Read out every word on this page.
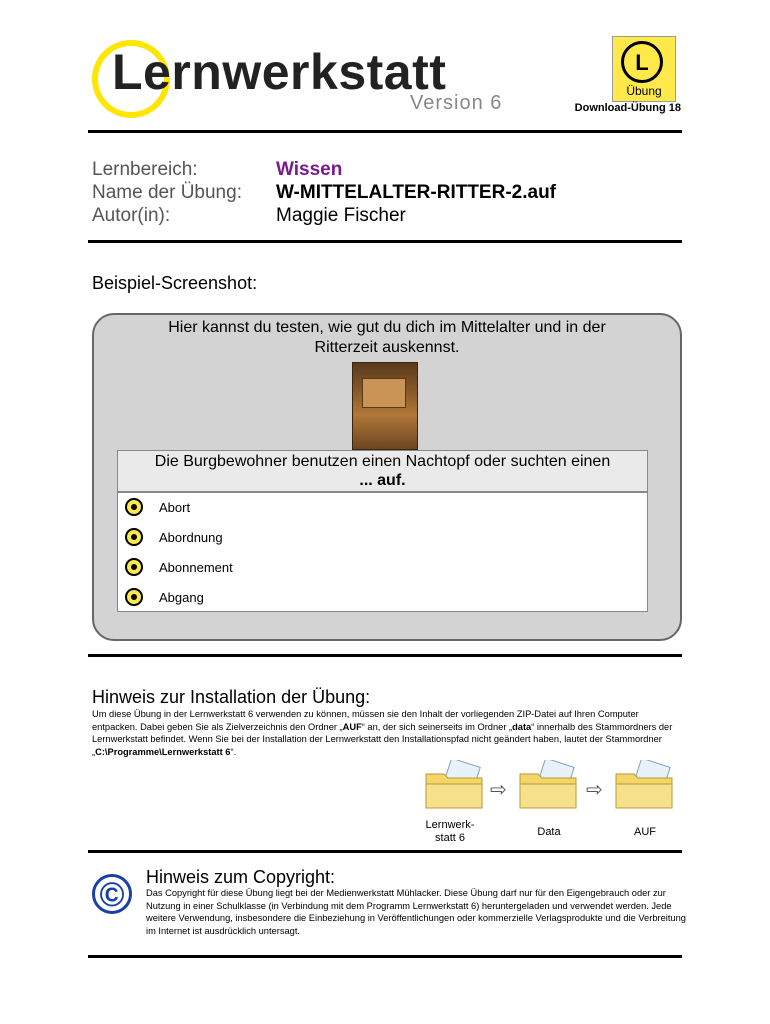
Lernwerkstatt
Version 6
L
Übung
Download-Übung 18
Lernbereich:	Wissen
Name der Übung: W-MITTELALTER-RITTER-2.auf
Autor(in):	Maggie Fischer
Beispiel-Screenshot:
Hier kannst du testen, wie gut du dich im Mittelalter und in der
Ritterzeit auskennst.
Die Burgbewohner benutzen einen Nachtopf oder suchten einen
... auf.
Abort
Abordnung
Abonnement
Abgang
Hinweis zur Installation der Übung:
Um diese Übung in der Lernwerkstatt 6 verwenden zu können, müssen sie den Inhalt der vorliegenden ZIP-Datei auf Ihren Computer entpacken. Dabei geben Sie als Zielverzeichnis den Ordner „AUF“ an, der sich seinerseits im Ordner „data“ innerhalb des Stammordners der Lernwerkstatt befindet. Wenn Sie bei der Installation der Lernwerkstatt den Installationspfad nicht geändert haben, lautet der Stammordner „C:\Programme\Lernwerkstatt 6“.
⇨	⇨
Lernwerk-
statt 6	Data	AUF
©	Hinweis zum Copyright:
Das Copyright für diese Übung liegt bei der Medienwerkstatt Mühlacker. Diese Übung darf nur für den Eigengebrauch oder zur Nutzung in einer Schulklasse (in Verbindung mit dem Programm Lernwerkstatt 6) heruntergeladen und verwendet werden. Jede weitere Verwendung, insbesondere die Einbeziehung in Veröffentlichungen oder kommerzielle Verlagsprodukte und die Verbreitung im Internet ist ausdrücklich untersagt.
